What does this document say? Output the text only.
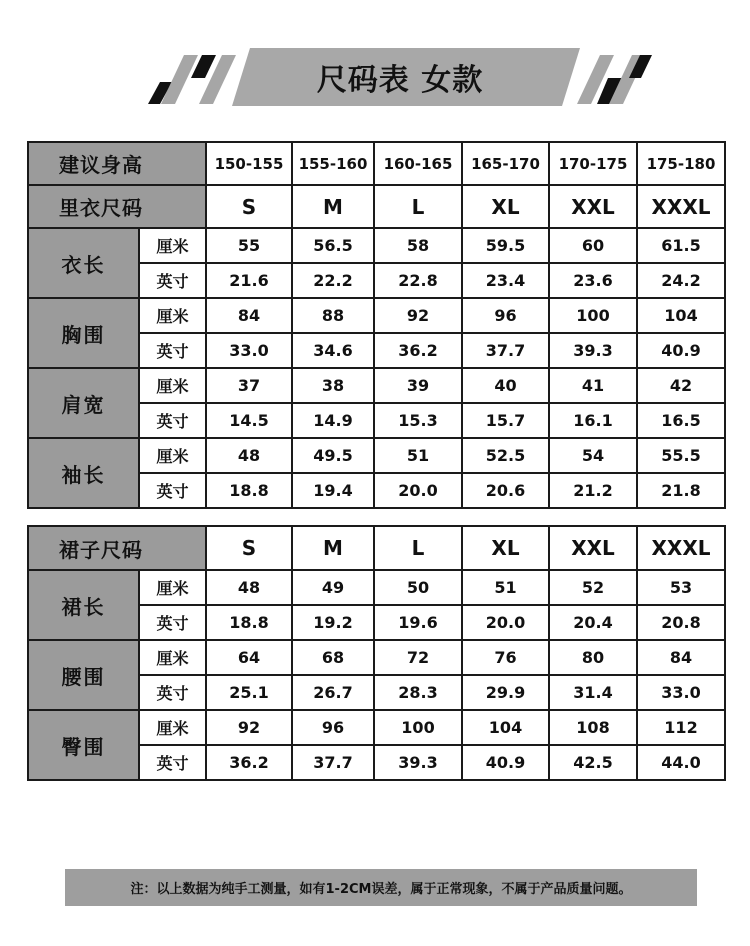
尺码表 女款
建议身高		150-155	155-160	160-165	165-170	170-175	175-180
里衣尺码		S	M	L	XL	XXL	XXXL
衣长	厘米	55	56.5	58	59.5	60	61.5
	英寸	21.6	22.2	22.8	23.4	23.6	24.2
胸围	厘米	84	88	92	96	100	104
	英寸	33.0	34.6	36.2	37.7	39.3	40.9
肩宽	厘米	37	38	39	40	41	42
	英寸	14.5	14.9	15.3	15.7	16.1	16.5
袖长	厘米	48	49.5	51	52.5	54	55.5
	英寸	18.8	19.4	20.0	20.6	21.2	21.8
裙子尺码		S	M	L	XL	XXL	XXXL
裙长	厘米	48	49	50	51	52	53
	英寸	18.8	19.2	19.6	20.0	20.4	20.8
腰围	厘米	64	68	72	76	80	84
	英寸	25.1	26.7	28.3	29.9	31.4	33.0
臀围	厘米	92	96	100	104	108	112
	英寸	36.2	37.7	39.3	40.9	42.5	44.0
注：以上数据为纯手工测量，如有1-2CM误差，属于正常现象，不属于产品质量问题。
